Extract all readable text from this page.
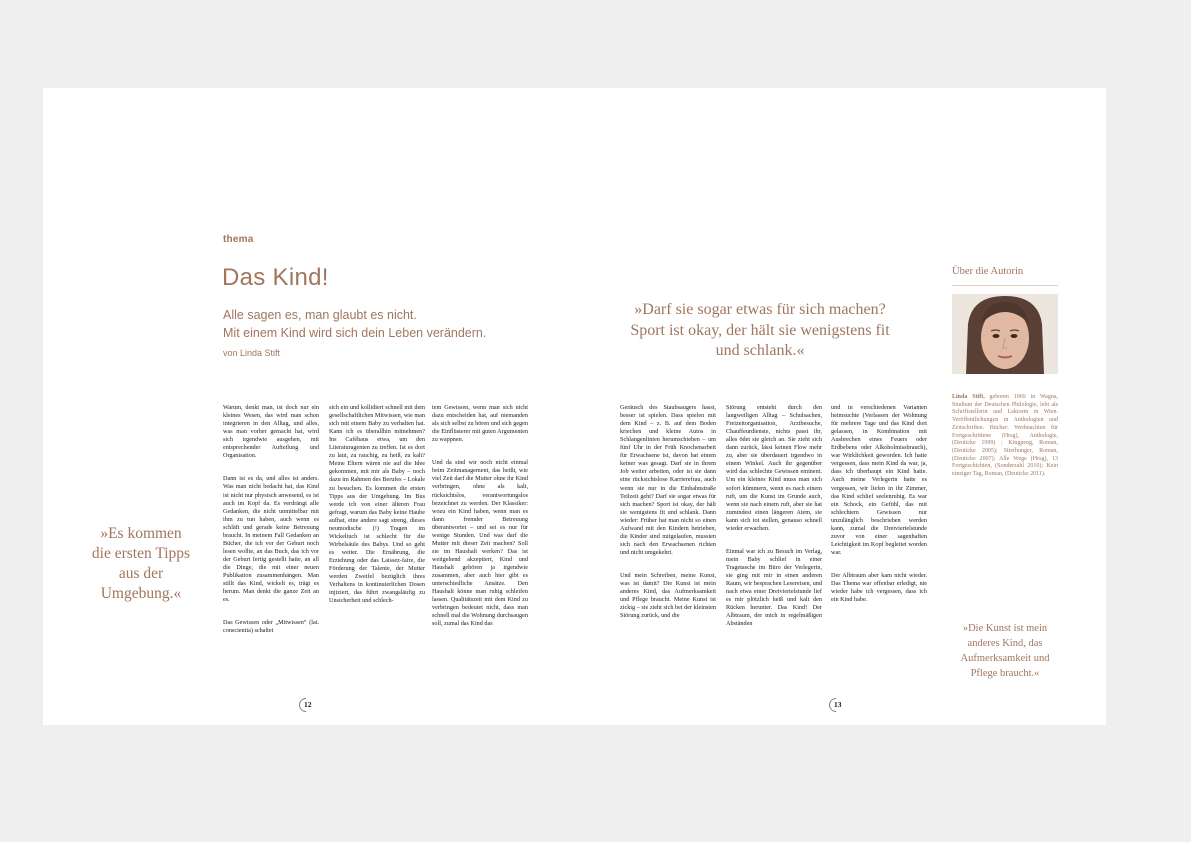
thema
Das Kind!
Alle sagen es, man glaubt es nicht.
Mit einem Kind wird sich dein Leben verändern.
von Linda Stift
»Es kommen
die ersten Tipps
aus der
Umgebung.«

Warum, denkt man, ist doch nur ein kleines Wesen, das wird man schon integrieren in den Alltag, und alles, was man vorher gemacht hat, wird sich irgendwie ausgehen, mit entsprechender Aufteilung und Organisation.

Dann ist es da, und alles ist anders. Was man nicht bedacht hat, das Kind ist nicht nur physisch anwesend, es ist auch im Kopf da. Es verdrängt alle Gedanken, die nicht unmittelbar mit ihm zu tun haben, auch wenn es schläft und gerade keine Betreuung braucht. In meinem Fall Gedanken an Bücher, die ich vor der Geburt noch lesen wollte, an das Buch, das ich vor der Geburt fertig gestellt hatte, an all die Dinge, die mit einer neuen Publikation zusammenhängen. Man stillt das Kind, wickelt es, trägt es herum. Man denkt die ganze Zeit an es.

Das Gewissen oder „Mitwissen“ (lat. conscientia) schaltet

sich ein und kollidiert schnell mit dem gesellschaftlichen Mitwissen, wie man sich mit einem Baby zu verhalten hat. Kann ich es überallhin mitnehmen? Ins Caféhaus etwa, um den Literaturagenten zu treffen. Ist es dort zu laut, zu rauchig, zu heiß, zu kalt? Meine Eltern wären nie auf die Idee gekommen, mit mir als Baby – noch dazu im Rahmen des Berufes – Lokale zu besuchen. Es kommen die ersten Tipps aus der Umgebung. Im Bus werde ich von einer älteren Frau gefragt, warum das Baby keine Haube aufhat, eine andere sagt streng, dieses neumodische (!) Tragen im Wickeltuch ist schlecht für die Wirbelsäule des Babys. Und so geht es weiter. Die Ernährung, die Erziehung oder das Laissez-faire, die Förderung der Talente, der Mutter werden Zweifel bezüglich ihres Verhaltens in kontinuierlichen Dosen injiziert, das führt zwangsläufig zu Unsicherheit und schlech-

tem Gewissen, wenn man sich nicht dazu entscheiden hat, auf niemanden als sich selbst zu hören und sich gegen die Einflüsterer mit guten Argumenten zu wappnen.

Und da sind wir noch nicht einmal beim Zeitmanagement, das heißt, wie viel Zeit darf die Mutter ohne ihr Kind verbringen, ohne als kalt, rücksichtslos, verantwortungslos bezeichnet zu werden. Der Klassiker: wozu ein Kind haben, wenn man es dann fremder Betreuung überantwortet – und sei es nur für wenige Stunden. Und was darf die Mutter mit dieser Zeit machen? Soll sie im Haushalt werken? Das ist weitgehend akzeptiert, Kind und Haushalt gehören ja irgendwie zusammen, aber auch hier gibt es unterschiedliche Ansätze. Den Haushalt könne man ruhig schleifen lassen. Qualitätszeit mit dem Kind zu verbringen bedeutet nicht, dass man schnell mal die Wohnung durchsaugen soll, zumal das Kind das

12
»Darf sie sogar etwas für sich machen?
Sport ist okay, der hält sie wenigstens fit
und schlank.«

Geräusch des Staubsaugers hasst, besser ist spielen. Dass spielen mit dem Kind – z. B. auf dem Boden kriechen und kleine Autos in Schlangenlinien herumschieben – um fünf Uhr in der Früh Knochenarbeit für Erwachsene ist, davon hat einem keiner was gesagt. Darf sie in ihrem Job weiter arbeiten, oder ist sie dann eine rücksichtslose Karrierefrau, auch wenn sie nur in die Einbahnstraße Teilzeit geht? Darf sie sogar etwas für sich machen? Sport ist okay, der hält sie wenigstens fit und schlank. Dann wieder: Früher hat man nicht so einen Aufwand mit den Kindern betrieben, die Kinder sind mitgelaufen, mussten sich nach den Erwachsenen richten und nicht umgekehrt.

Und mein Schreiben, meine Kunst, was ist damit? Die Kunst ist mein anderes Kind, das Aufmerksamkeit und Pflege braucht. Meine Kunst ist zickig – sie zieht sich bei der kleinsten Störung zurück, und die

Störung entsteht durch den langweiligen Alltag – Schulsachen, Freizeitorganisation, Arztbesuche, Chauffeurdienste, nichts passt ihr, alles ödet sie gleich an. Sie zieht sich dann zurück, lässt keinen Flow mehr zu, aber sie überdauert irgendwo in einem Winkel. Auch ihr gegenüber wird das schlechte Gewissen eminent. Um ein kleines Kind muss man sich sofort kümmern, wenn es nach einem ruft, um die Kunst im Grunde auch, wenn sie nach einem ruft, aber sie hat zumindest einen längeren Atem, sie kann sich tot stellen, genauso schnell wieder erwachen.

Einmal war ich zu Besuch im Verlag, mein Baby schlief in einer Tragetasche im Büro der Verlegerin, sie ging mit mir in einen anderen Raum, wir besprachen Lesereisen, und nach etwa einer Dreiviertelstunde lief es mir plötzlich heiß und kalt den Rücken herunter. Das Kind! Der Albtraum, der mich in regelmäßigen Abständen

und in verschiedenen Varianten heimsuchte (Verlassen der Wohnung für mehrere Tage und das Kind dort gelassen, in Kombination mit Ausbrechen eines Feuers oder Erdbebens oder Alkoholmissbrauch), war Wirklichkeit geworden. Ich hatte vergessen, dass mein Kind da war, ja, dass ich überhaupt ein Kind hatte. Auch meine Verlegerin hatte es vergessen, wir liefen in ihr Zimmer, das Kind schlief seelenruhig. Es war ein Schock, ein Gefühl, das mit schlechtem Gewissen nur unzulänglich beschrieben werden kann, zumal die Dreiviertelstunde zuvor von einer sagenhaften Leichtigkeit im Kopf begleitet worden war.

Der Albtraum aber kam nicht wieder. Das Thema war offenbar erledigt, nie wieder habe ich vergessen, dass ich ein Kind habe.

13
Über die Autorin
Linda Stift, geboren 1969 in Wagna, Studium der Deutschen Philologie, lebt als Schriftstellerin und Lektorin in Wien. Veröffentlichungen in Anthologien und Zeitschriften. Bücher: Weihnachten für Fortgeschrittene (Hrsg), Anthologie, (Deuticke 1999) ; Kingpeng, Roman, (Deuticke 2005); Stierhunger, Roman, (Deuticke 2007); Alle Wege (Hrsg), 13 Fortgeschichten, (Sonderzahl 2010); Kein einziger Tag, Roman, (Deuticke 2011).
»Die Kunst ist mein
anderes Kind, das
Aufmerksamkeit und
Pflege braucht.«
